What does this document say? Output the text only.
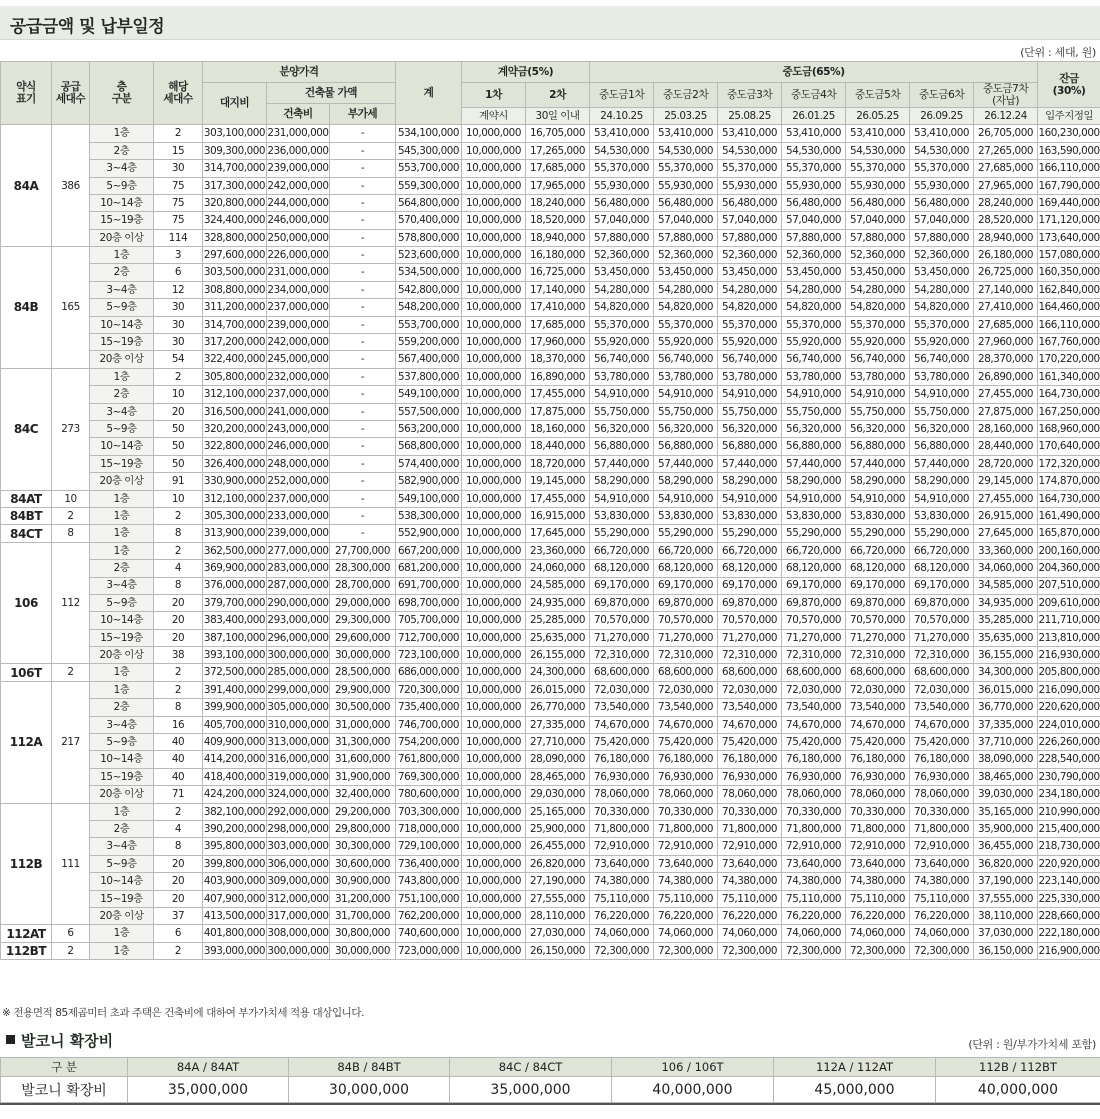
공급금액 및 납부일정
(단위 : 세대, 원)
약식
표기	공급
세대수	층
구분	해당
세대수	분양가격			계	계약금(5%)		중도금(65%)							잔금
(30%)
				대지비	건축물 가액			1차	2차	중도금1차	중도금2차	중도금3차	중도금4차	중도금5차	중도금6차	중도금7차
(자납)	
					건축비	부가세											
								계약시	30일 이내	24.10.25	25.03.25	25.08.25	26.01.25	26.05.25	26.09.25	26.12.24	입주지정일
84A	386	1층	2	303,100,000	231,000,000	-	534,100,000	10,000,000	16,705,000	53,410,000	53,410,000	53,410,000	53,410,000	53,410,000	53,410,000	26,705,000	160,230,000
		2층	15	309,300,000	236,000,000	-	545,300,000	10,000,000	17,265,000	54,530,000	54,530,000	54,530,000	54,530,000	54,530,000	54,530,000	27,265,000	163,590,000
		3~4층	30	314,700,000	239,000,000	-	553,700,000	10,000,000	17,685,000	55,370,000	55,370,000	55,370,000	55,370,000	55,370,000	55,370,000	27,685,000	166,110,000
		5~9층	75	317,300,000	242,000,000	-	559,300,000	10,000,000	17,965,000	55,930,000	55,930,000	55,930,000	55,930,000	55,930,000	55,930,000	27,965,000	167,790,000
		10~14층	75	320,800,000	244,000,000	-	564,800,000	10,000,000	18,240,000	56,480,000	56,480,000	56,480,000	56,480,000	56,480,000	56,480,000	28,240,000	169,440,000
		15~19층	75	324,400,000	246,000,000	-	570,400,000	10,000,000	18,520,000	57,040,000	57,040,000	57,040,000	57,040,000	57,040,000	57,040,000	28,520,000	171,120,000
		20층 이상	114	328,800,000	250,000,000	-	578,800,000	10,000,000	18,940,000	57,880,000	57,880,000	57,880,000	57,880,000	57,880,000	57,880,000	28,940,000	173,640,000
84B	165	1층	3	297,600,000	226,000,000	-	523,600,000	10,000,000	16,180,000	52,360,000	52,360,000	52,360,000	52,360,000	52,360,000	52,360,000	26,180,000	157,080,000
		2층	6	303,500,000	231,000,000	-	534,500,000	10,000,000	16,725,000	53,450,000	53,450,000	53,450,000	53,450,000	53,450,000	53,450,000	26,725,000	160,350,000
		3~4층	12	308,800,000	234,000,000	-	542,800,000	10,000,000	17,140,000	54,280,000	54,280,000	54,280,000	54,280,000	54,280,000	54,280,000	27,140,000	162,840,000
		5~9층	30	311,200,000	237,000,000	-	548,200,000	10,000,000	17,410,000	54,820,000	54,820,000	54,820,000	54,820,000	54,820,000	54,820,000	27,410,000	164,460,000
		10~14층	30	314,700,000	239,000,000	-	553,700,000	10,000,000	17,685,000	55,370,000	55,370,000	55,370,000	55,370,000	55,370,000	55,370,000	27,685,000	166,110,000
		15~19층	30	317,200,000	242,000,000	-	559,200,000	10,000,000	17,960,000	55,920,000	55,920,000	55,920,000	55,920,000	55,920,000	55,920,000	27,960,000	167,760,000
		20층 이상	54	322,400,000	245,000,000	-	567,400,000	10,000,000	18,370,000	56,740,000	56,740,000	56,740,000	56,740,000	56,740,000	56,740,000	28,370,000	170,220,000
84C	273	1층	2	305,800,000	232,000,000	-	537,800,000	10,000,000	16,890,000	53,780,000	53,780,000	53,780,000	53,780,000	53,780,000	53,780,000	26,890,000	161,340,000
		2층	10	312,100,000	237,000,000	-	549,100,000	10,000,000	17,455,000	54,910,000	54,910,000	54,910,000	54,910,000	54,910,000	54,910,000	27,455,000	164,730,000
		3~4층	20	316,500,000	241,000,000	-	557,500,000	10,000,000	17,875,000	55,750,000	55,750,000	55,750,000	55,750,000	55,750,000	55,750,000	27,875,000	167,250,000
		5~9층	50	320,200,000	243,000,000	-	563,200,000	10,000,000	18,160,000	56,320,000	56,320,000	56,320,000	56,320,000	56,320,000	56,320,000	28,160,000	168,960,000
		10~14층	50	322,800,000	246,000,000	-	568,800,000	10,000,000	18,440,000	56,880,000	56,880,000	56,880,000	56,880,000	56,880,000	56,880,000	28,440,000	170,640,000
		15~19층	50	326,400,000	248,000,000	-	574,400,000	10,000,000	18,720,000	57,440,000	57,440,000	57,440,000	57,440,000	57,440,000	57,440,000	28,720,000	172,320,000
		20층 이상	91	330,900,000	252,000,000	-	582,900,000	10,000,000	19,145,000	58,290,000	58,290,000	58,290,000	58,290,000	58,290,000	58,290,000	29,145,000	174,870,000
84AT	10	1층	10	312,100,000	237,000,000	-	549,100,000	10,000,000	17,455,000	54,910,000	54,910,000	54,910,000	54,910,000	54,910,000	54,910,000	27,455,000	164,730,000
84BT	2	1층	2	305,300,000	233,000,000	-	538,300,000	10,000,000	16,915,000	53,830,000	53,830,000	53,830,000	53,830,000	53,830,000	53,830,000	26,915,000	161,490,000
84CT	8	1층	8	313,900,000	239,000,000	-	552,900,000	10,000,000	17,645,000	55,290,000	55,290,000	55,290,000	55,290,000	55,290,000	55,290,000	27,645,000	165,870,000
106	112	1층	2	362,500,000	277,000,000	27,700,000	667,200,000	10,000,000	23,360,000	66,720,000	66,720,000	66,720,000	66,720,000	66,720,000	66,720,000	33,360,000	200,160,000
		2층	4	369,900,000	283,000,000	28,300,000	681,200,000	10,000,000	24,060,000	68,120,000	68,120,000	68,120,000	68,120,000	68,120,000	68,120,000	34,060,000	204,360,000
		3~4층	8	376,000,000	287,000,000	28,700,000	691,700,000	10,000,000	24,585,000	69,170,000	69,170,000	69,170,000	69,170,000	69,170,000	69,170,000	34,585,000	207,510,000
		5~9층	20	379,700,000	290,000,000	29,000,000	698,700,000	10,000,000	24,935,000	69,870,000	69,870,000	69,870,000	69,870,000	69,870,000	69,870,000	34,935,000	209,610,000
		10~14층	20	383,400,000	293,000,000	29,300,000	705,700,000	10,000,000	25,285,000	70,570,000	70,570,000	70,570,000	70,570,000	70,570,000	70,570,000	35,285,000	211,710,000
		15~19층	20	387,100,000	296,000,000	29,600,000	712,700,000	10,000,000	25,635,000	71,270,000	71,270,000	71,270,000	71,270,000	71,270,000	71,270,000	35,635,000	213,810,000
		20층 이상	38	393,100,000	300,000,000	30,000,000	723,100,000	10,000,000	26,155,000	72,310,000	72,310,000	72,310,000	72,310,000	72,310,000	72,310,000	36,155,000	216,930,000
106T	2	1층	2	372,500,000	285,000,000	28,500,000	686,000,000	10,000,000	24,300,000	68,600,000	68,600,000	68,600,000	68,600,000	68,600,000	68,600,000	34,300,000	205,800,000
112A	217	1층	2	391,400,000	299,000,000	29,900,000	720,300,000	10,000,000	26,015,000	72,030,000	72,030,000	72,030,000	72,030,000	72,030,000	72,030,000	36,015,000	216,090,000
		2층	8	399,900,000	305,000,000	30,500,000	735,400,000	10,000,000	26,770,000	73,540,000	73,540,000	73,540,000	73,540,000	73,540,000	73,540,000	36,770,000	220,620,000
		3~4층	16	405,700,000	310,000,000	31,000,000	746,700,000	10,000,000	27,335,000	74,670,000	74,670,000	74,670,000	74,670,000	74,670,000	74,670,000	37,335,000	224,010,000
		5~9층	40	409,900,000	313,000,000	31,300,000	754,200,000	10,000,000	27,710,000	75,420,000	75,420,000	75,420,000	75,420,000	75,420,000	75,420,000	37,710,000	226,260,000
		10~14층	40	414,200,000	316,000,000	31,600,000	761,800,000	10,000,000	28,090,000	76,180,000	76,180,000	76,180,000	76,180,000	76,180,000	76,180,000	38,090,000	228,540,000
		15~19층	40	418,400,000	319,000,000	31,900,000	769,300,000	10,000,000	28,465,000	76,930,000	76,930,000	76,930,000	76,930,000	76,930,000	76,930,000	38,465,000	230,790,000
		20층 이상	71	424,200,000	324,000,000	32,400,000	780,600,000	10,000,000	29,030,000	78,060,000	78,060,000	78,060,000	78,060,000	78,060,000	78,060,000	39,030,000	234,180,000
112B	111	1층	2	382,100,000	292,000,000	29,200,000	703,300,000	10,000,000	25,165,000	70,330,000	70,330,000	70,330,000	70,330,000	70,330,000	70,330,000	35,165,000	210,990,000
		2층	4	390,200,000	298,000,000	29,800,000	718,000,000	10,000,000	25,900,000	71,800,000	71,800,000	71,800,000	71,800,000	71,800,000	71,800,000	35,900,000	215,400,000
		3~4층	8	395,800,000	303,000,000	30,300,000	729,100,000	10,000,000	26,455,000	72,910,000	72,910,000	72,910,000	72,910,000	72,910,000	72,910,000	36,455,000	218,730,000
		5~9층	20	399,800,000	306,000,000	30,600,000	736,400,000	10,000,000	26,820,000	73,640,000	73,640,000	73,640,000	73,640,000	73,640,000	73,640,000	36,820,000	220,920,000
		10~14층	20	403,900,000	309,000,000	30,900,000	743,800,000	10,000,000	27,190,000	74,380,000	74,380,000	74,380,000	74,380,000	74,380,000	74,380,000	37,190,000	223,140,000
		15~19층	20	407,900,000	312,000,000	31,200,000	751,100,000	10,000,000	27,555,000	75,110,000	75,110,000	75,110,000	75,110,000	75,110,000	75,110,000	37,555,000	225,330,000
		20층 이상	37	413,500,000	317,000,000	31,700,000	762,200,000	10,000,000	28,110,000	76,220,000	76,220,000	76,220,000	76,220,000	76,220,000	76,220,000	38,110,000	228,660,000
112AT	6	1층	6	401,800,000	308,000,000	30,800,000	740,600,000	10,000,000	27,030,000	74,060,000	74,060,000	74,060,000	74,060,000	74,060,000	74,060,000	37,030,000	222,180,000
112BT	2	1층	2	393,000,000	300,000,000	30,000,000	723,000,000	10,000,000	26,150,000	72,300,000	72,300,000	72,300,000	72,300,000	72,300,000	72,300,000	36,150,000	216,900,000
※ 전용면적 85제곱미터 초과 주택은 건축비에 대하여 부가가치세 적용 대상입니다.
발코니 확장비	(단위 : 원/부가가치세 포함)
구 분	84A / 84AT	84B / 84BT	84C / 84CT	106 / 106T	112A / 112AT	112B / 112BT
발코니 확장비	35,000,000	30,000,000	35,000,000	40,000,000	45,000,000	40,000,000
